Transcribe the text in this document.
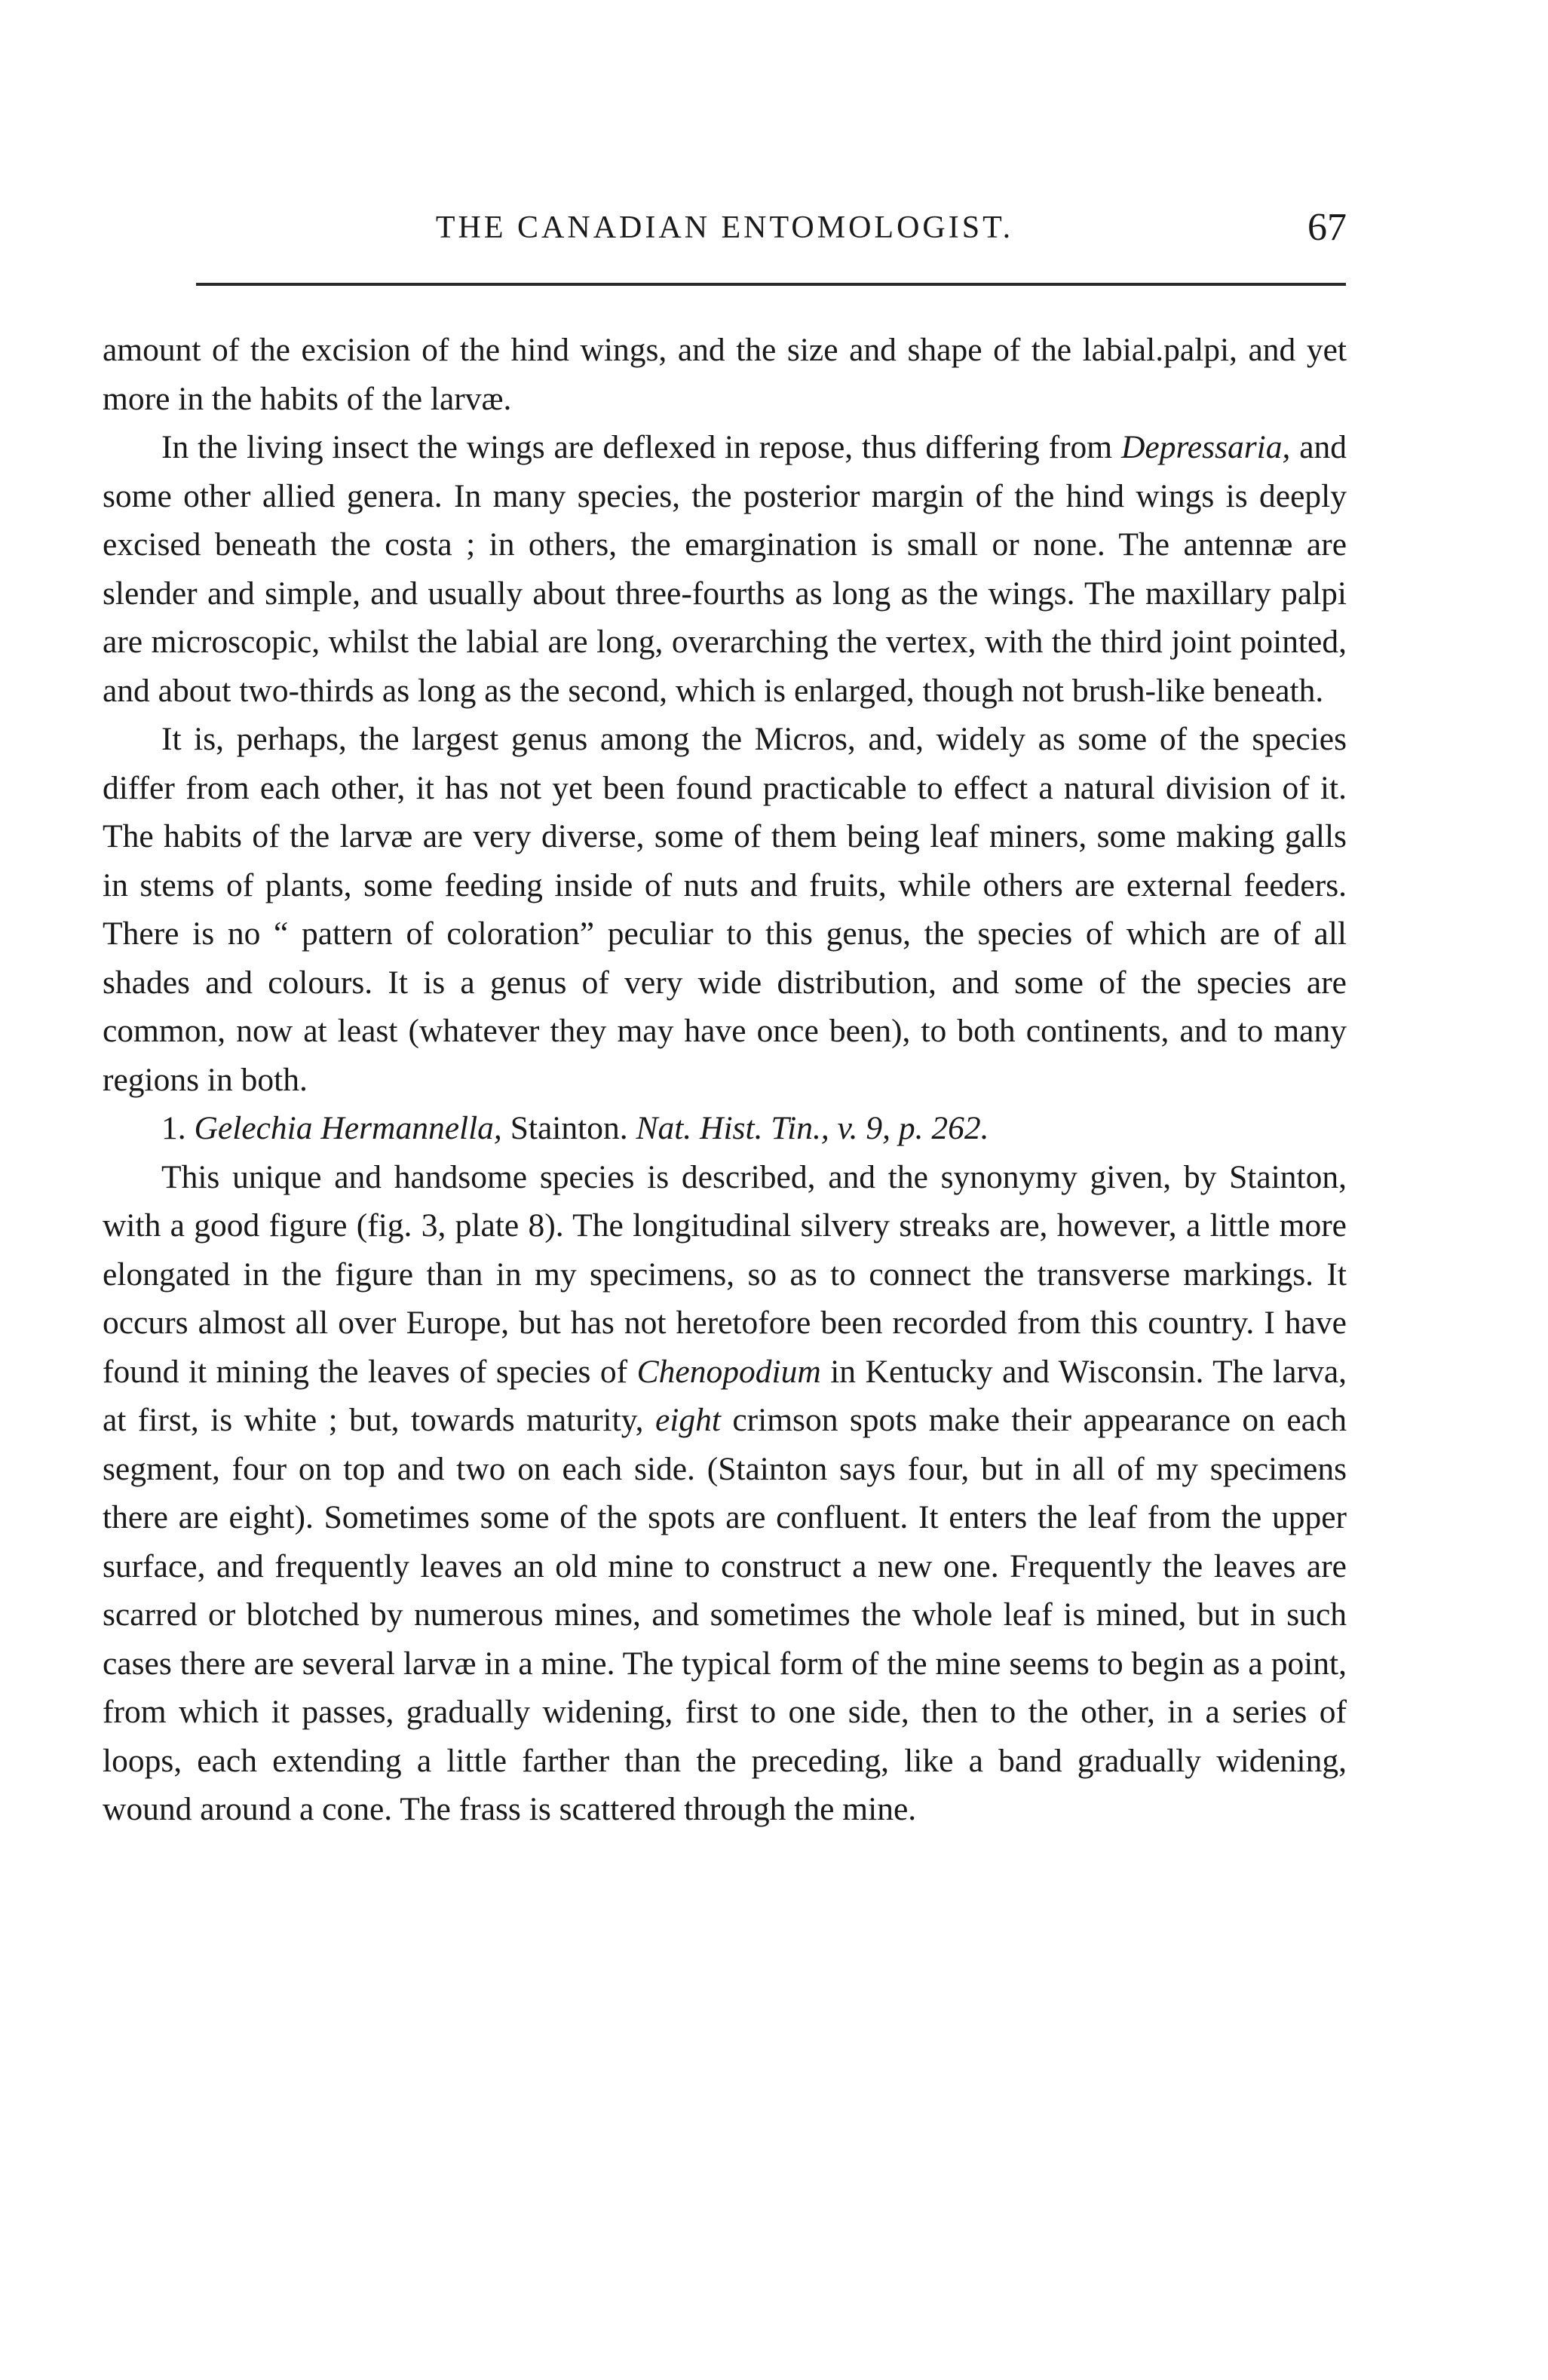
THE CANADIAN ENTOMOLOGIST.	67

amount of the excision of the hind wings, and the size and shape of the labial.palpi, and yet more in the habits of the larvæ.

In the living insect the wings are deflexed in repose, thus differing from Depressaria, and some other allied genera. In many species, the posterior margin of the hind wings is deeply excised beneath the costa ; in others, the emargination is small or none. The antennæ are slender and simple, and usually about three-fourths as long as the wings. The maxillary palpi are microscopic, whilst the labial are long, overarching the vertex, with the third joint pointed, and about two-thirds as long as the second, which is enlarged, though not brush-like beneath.

It is, perhaps, the largest genus among the Micros, and, widely as some of the species differ from each other, it has not yet been found practicable to effect a natural division of it. The habits of the larvæ are very diverse, some of them being leaf miners, some making galls in stems of plants, some feeding inside of nuts and fruits, while others are external feeders. There is no “ pattern of coloration” peculiar to this genus, the species of which are of all shades and colours. It is a genus of very wide distribution, and some of the species are common, now at least (whatever they may have once been), to both continents, and to many regions in both.

1. Gelechia Hermannella, Stainton. Nat. Hist. Tin., v. 9, p. 262.

This unique and handsome species is described, and the synonymy given, by Stainton, with a good figure (fig. 3, plate 8). The longitudinal silvery streaks are, however, a little more elongated in the figure than in my specimens, so as to connect the transverse markings. It occurs almost all over Europe, but has not heretofore been recorded from this country. I have found it mining the leaves of species of Chenopodium in Kentucky and Wisconsin. The larva, at first, is white ; but, towards maturity, eight crimson spots make their appearance on each segment, four on top and two on each side. (Stainton says four, but in all of my specimens there are eight). Sometimes some of the spots are confluent. It enters the leaf from the upper surface, and frequently leaves an old mine to construct a new one. Frequently the leaves are scarred or blotched by numerous mines, and sometimes the whole leaf is mined, but in such cases there are several larvæ in a mine. The typical form of the mine seems to begin as a point, from which it passes, gradually widening, first to one side, then to the other, in a series of loops, each extending a little farther than the preceding, like a band gradually widening, wound around a cone. The frass is scattered through the mine.
